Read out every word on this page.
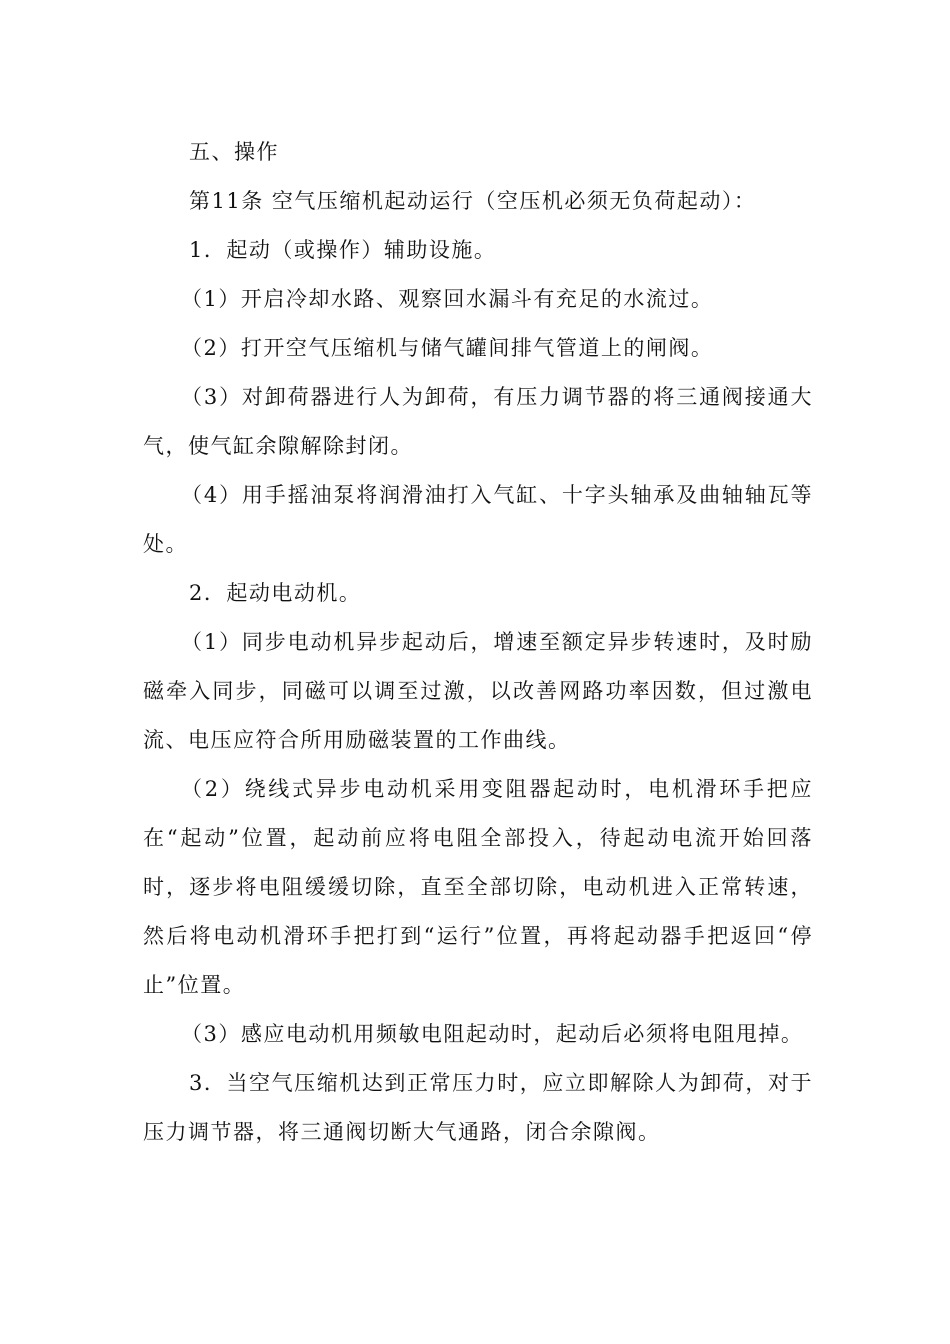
五、操作

第11条 空气压缩机起动运行（空压机必须无负荷起动）：

1．起动（或操作）辅助设施。

（1）开启冷却水路、观察回水漏斗有充足的水流过。

（2）打开空气压缩机与储气罐间排气管道上的闸阀。

（3）对卸荷器进行人为卸荷，有压力调节器的将三通阀接通大气，使气缸余隙解除封闭。

（4）用手摇油泵将润滑油打入气缸、十字头轴承及曲轴轴瓦等处。

2．起动电动机。

（1）同步电动机异步起动后，增速至额定异步转速时，及时励磁牵入同步，同磁可以调至过激，以改善网路功率因数，但过激电流、电压应符合所用励磁装置的工作曲线。

（2）绕线式异步电动机采用变阻器起动时，电机滑环手把应在“起动”位置，起动前应将电阻全部投入，待起动电流开始回落时，逐步将电阻缓缓切除，直至全部切除，电动机进入正常转速，然后将电动机滑环手把打到“运行”位置，再将起动器手把返回“停止”位置。

（3）感应电动机用频敏电阻起动时，起动后必须将电阻甩掉。

3．当空气压缩机达到正常压力时，应立即解除人为卸荷，对于压力调节器，将三通阀切断大气通路，闭合余隙阀。
